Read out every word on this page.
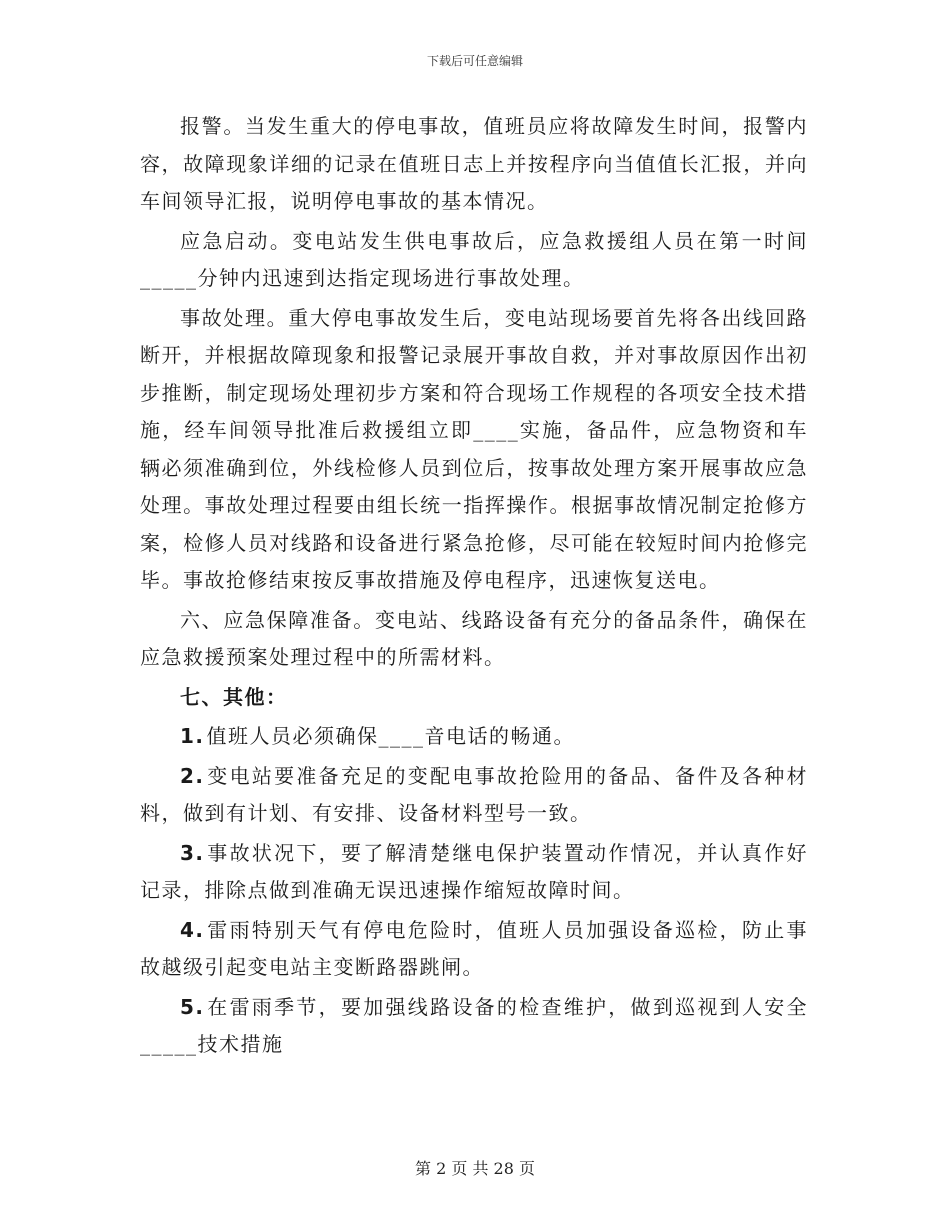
下载后可任意编辑

报警。当发生重大的停电事故，值班员应将故障发生时间，报警内容，故障现象详细的记录在值班日志上并按程序向当值值长汇报，并向车间领导汇报，说明停电事故的基本情况。

应急启动。变电站发生供电事故后，应急救援组人员在第一时间_____分钟内迅速到达指定现场进行事故处理。

事故处理。重大停电事故发生后，变电站现场要首先将各出线回路断开，并根据故障现象和报警记录展开事故自救，并对事故原因作出初步推断，制定现场处理初步方案和符合现场工作规程的各项安全技术措施，经车间领导批准后救援组立即____实施，备品件，应急物资和车辆必须准确到位，外线检修人员到位后，按事故处理方案开展事故应急处理。事故处理过程要由组长统一指挥操作。根据事故情况制定抢修方案，检修人员对线路和设备进行紧急抢修，尽可能在较短时间内抢修完毕。事故抢修结束按反事故措施及停电程序，迅速恢复送电。

六、应急保障准备。变电站、线路设备有充分的备品条件，确保在应急救援预案处理过程中的所需材料。

七、其他：

1. 值班人员必须确保____音电话的畅通。

2. 变电站要准备充足的变配电事故抢险用的备品、备件及各种材料，做到有计划、有安排、设备材料型号一致。

3. 事故状况下，要了解清楚继电保护装置动作情况，并认真作好记录，排除点做到准确无误迅速操作缩短故障时间。

4. 雷雨特别天气有停电危险时，值班人员加强设备巡检，防止事故越级引起变电站主变断路器跳闸。

5. 在雷雨季节，要加强线路设备的检查维护，做到巡视到人安全_____技术措施

第 2 页 共 28 页
